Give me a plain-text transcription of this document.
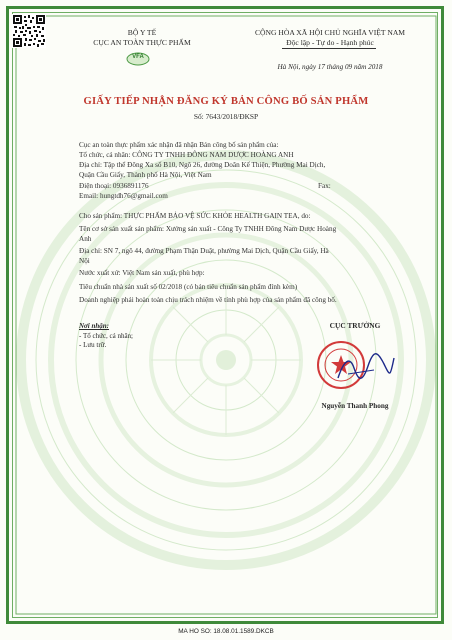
BỘ Y TẾ
CỤC AN TOÀN THỰC PHẨM
VFA
CỘNG HÒA XÃ HỘI CHỦ NGHĨA VIỆT NAM
Độc lập - Tự do - Hạnh phúc
Hà Nội, ngày 17 tháng 09 năm 2018
GIẤY TIẾP NHẬN ĐĂNG KÝ BẢN CÔNG BỐ SẢN PHẨM
Số: 7643/2018/ĐKSP
Cục an toàn thực phẩm xác nhận đã nhận Bản công bố sản phẩm của:
Tổ chức, cá nhân: CÔNG TY TNHH ĐÔNG NAM DƯỢC HOÀNG ANH
Địa chỉ: Tập thể Đông Xa số B10, Ngõ 26, đường Doãn Kế Thiện, Phường Mai Dịch,
Quận Cầu Giấy, Thành phố Hà Nội, Việt Nam
Điện thoại: 0936891176	Fax:
Email: hungtdh76@gmail.com
Cho sản phẩm: THỰC PHẨM BẢO VỆ SỨC KHỎE HEALTH GAIN TEA, do:
Tên cơ sở sản xuất sản phẩm: Xưởng sản xuất - Công Ty TNHH Đông Nam Dược Hoàng
Anh
Địa chỉ: SN 7, ngõ 44, đường Phạm Thận Duật, phường Mai Dịch, Quận Cầu Giấy, Hà
Nội
Nước xuất xứ: Việt Nam sản xuất, phù hợp:
Tiêu chuẩn nhà sản xuất số 02/2018 (có bản tiêu chuẩn sản phẩm đính kèm)
Doanh nghiệp phải hoàn toàn chịu trách nhiệm về tính phù hợp của sản phẩm đã công bố.
Nơi nhận:
- Tổ chức, cá nhân;
- Lưu trữ.
CỤC TRƯỞNG
Nguyễn Thanh Phong
MA HO SO: 18.08.01.1589.DKCB
